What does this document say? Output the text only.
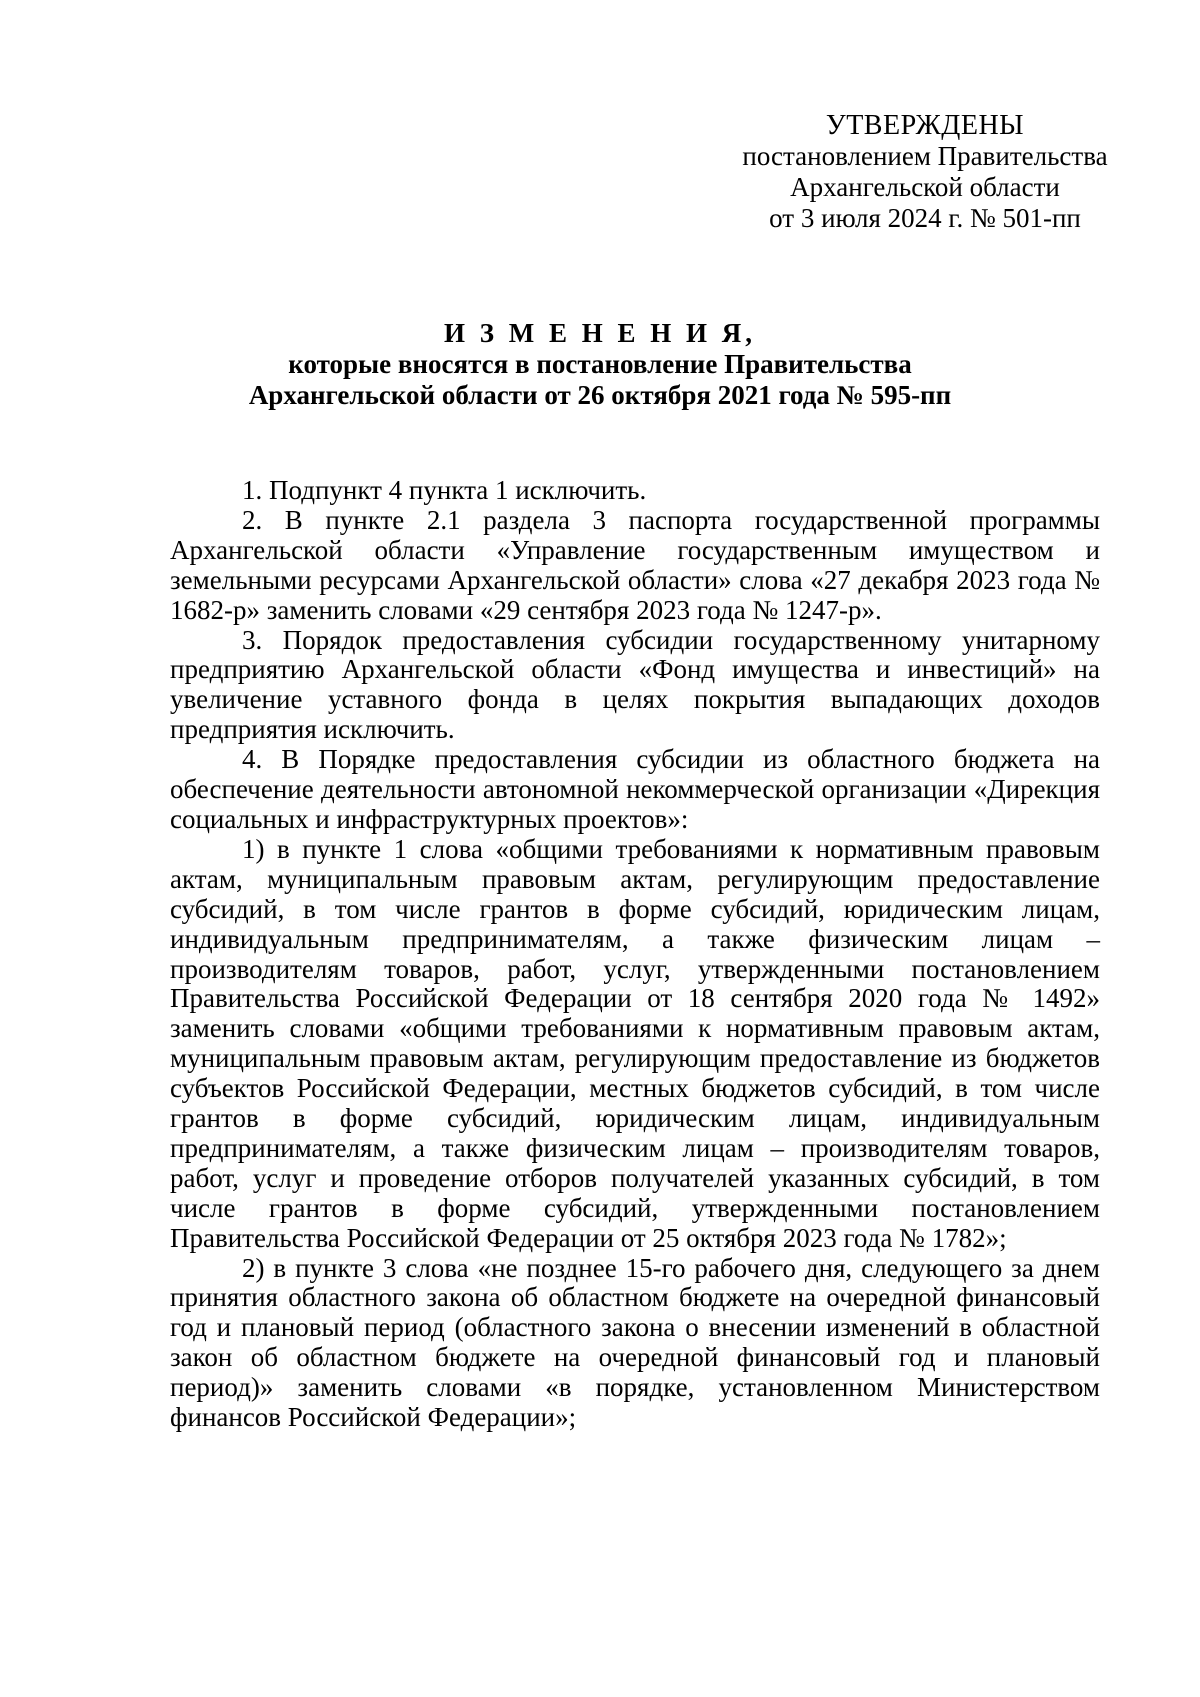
УТВЕРЖДЕНЫ
постановлением Правительства
Архангельской области
от 3 июля 2024 г. № 501-пп
И З М Е Н Е Н И Я,
которые вносятся в постановление Правительства
Архангельской области от 26 октября 2021 года № 595-пп

1. Подпункт 4 пункта 1 исключить.

2. В пункте 2.1 раздела 3 паспорта государственной программы Архангельской области «Управление государственным имуществом и земельными ресурсами Архангельской области» слова «27 декабря 2023 года № 1682-р» заменить словами «29 сентября 2023 года № 1247-р».

3. Порядок предоставления субсидии государственному унитарному предприятию Архангельской области «Фонд имущества и инвестиций» на увеличение уставного фонда в целях покрытия выпадающих доходов предприятия исключить.

4. В Порядке предоставления субсидии из областного бюджета на обеспечение деятельности автономной некоммерческой организации «Дирекция социальных и инфраструктурных проектов»:

1) в пункте 1 слова «общими требованиями к нормативным правовым актам, муниципальным правовым актам, регулирующим предоставление субсидий, в том числе грантов в форме субсидий, юридическим лицам, индивидуальным предпринимателям, а также физическим лицам – производителям товаров, работ, услуг, утвержденными постановлением Правительства Российской Федерации от 18 сентября 2020 года № 1492» заменить словами «общими требованиями к нормативным правовым актам, муниципальным правовым актам, регулирующим предоставление из бюджетов субъектов Российской Федерации, местных бюджетов субсидий, в том числе грантов в форме субсидий, юридическим лицам, индивидуальным предпринимателям, а также физическим лицам – производителям товаров, работ, услуг и проведение отборов получателей указанных субсидий, в том числе грантов в форме субсидий, утвержденными постановлением Правительства Российской Федерации от 25 октября 2023 года № 1782»;

2) в пункте 3 слова «не позднее 15-го рабочего дня, следующего за днем принятия областного закона об областном бюджете на очередной финансовый год и плановый период (областного закона о внесении изменений в областной закон об областном бюджете на очередной финансовый год и плановый период)» заменить словами «в порядке, установленном Министерством финансов Российской Федерации»;
